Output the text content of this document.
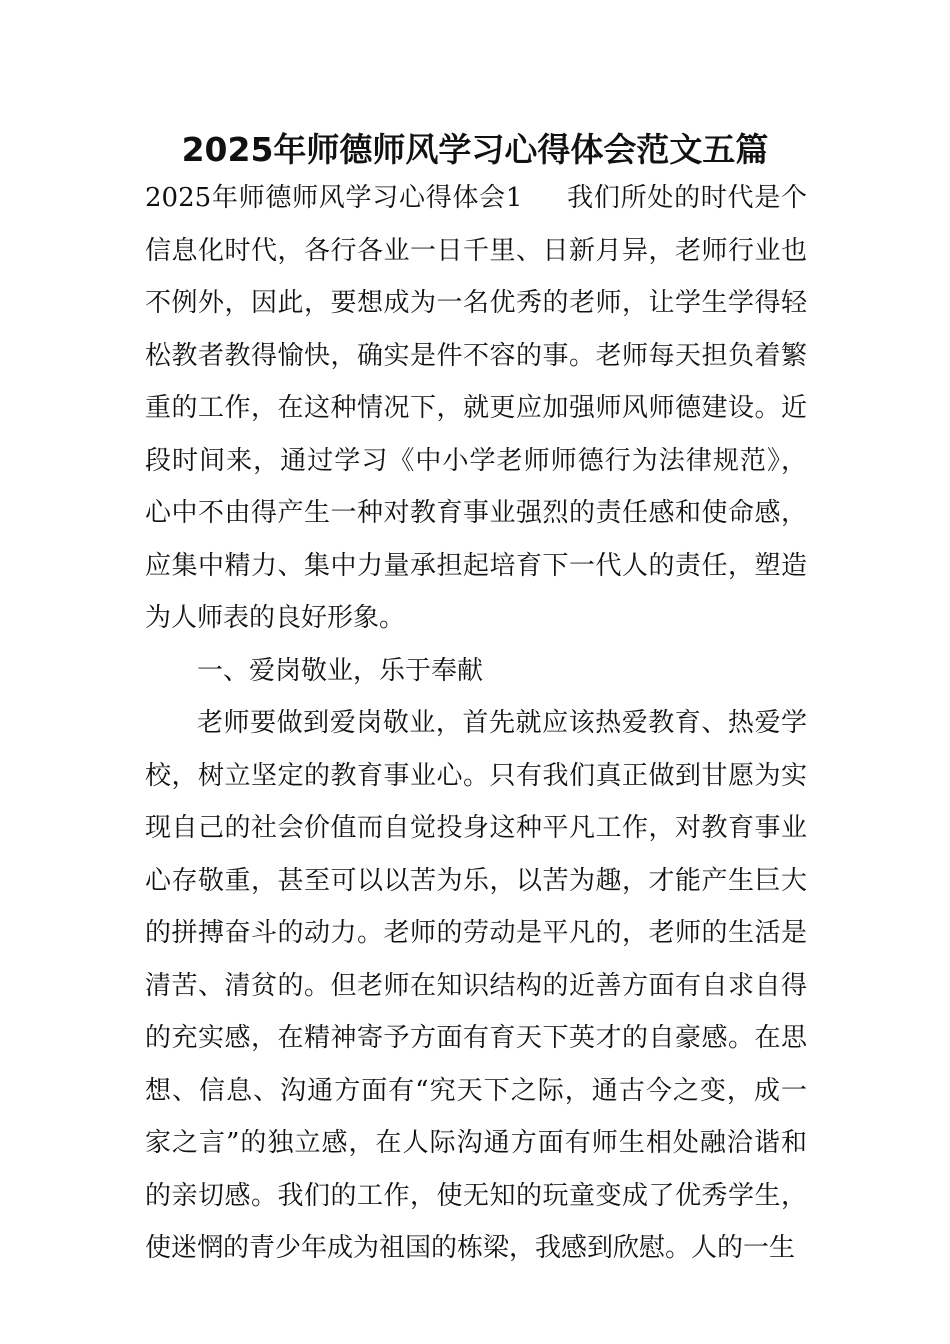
2025年师德师风学习心得体会范文五篇

2025年师德师风学习心得体会1 我们所处的时代是个信息化时代，各行各业一日千里、日新月异，老师行业也不例外，因此，要想成为一名优秀的老师，让学生学得轻松教者教得愉快，确实是件不容的事。老师每天担负着繁重的工作，在这种情况下，就更应加强师风师德建设。近段时间来，通过学习《中小学老师师德行为法律规范》，心中不由得产生一种对教育事业强烈的责任感和使命感，应集中精力、集中力量承担起培育下一代人的责任，塑造为人师表的良好形象。

一、爱岗敬业，乐于奉献

老师要做到爱岗敬业，首先就应该热爱教育、热爱学校，树立坚定的教育事业心。只有我们真正做到甘愿为实现自己的社会价值而自觉投身这种平凡工作，对教育事业心存敬重，甚至可以以苦为乐，以苦为趣，才能产生巨大的拼搏奋斗的动力。老师的劳动是平凡的，老师的生活是清苦、清贫的。但老师在知识结构的近善方面有自求自得的充实感，在精神寄予方面有育天下英才的自豪感。在思想、信息、沟通方面有“究天下之际，通古今之变，成一家之言”的独立感，在人际沟通方面有师生相处融洽谐和的亲切感。我们的工作，使无知的玩童变成了优秀学生，使迷惘的青少年成为祖国的栋梁，我感到欣慰。人的一生
